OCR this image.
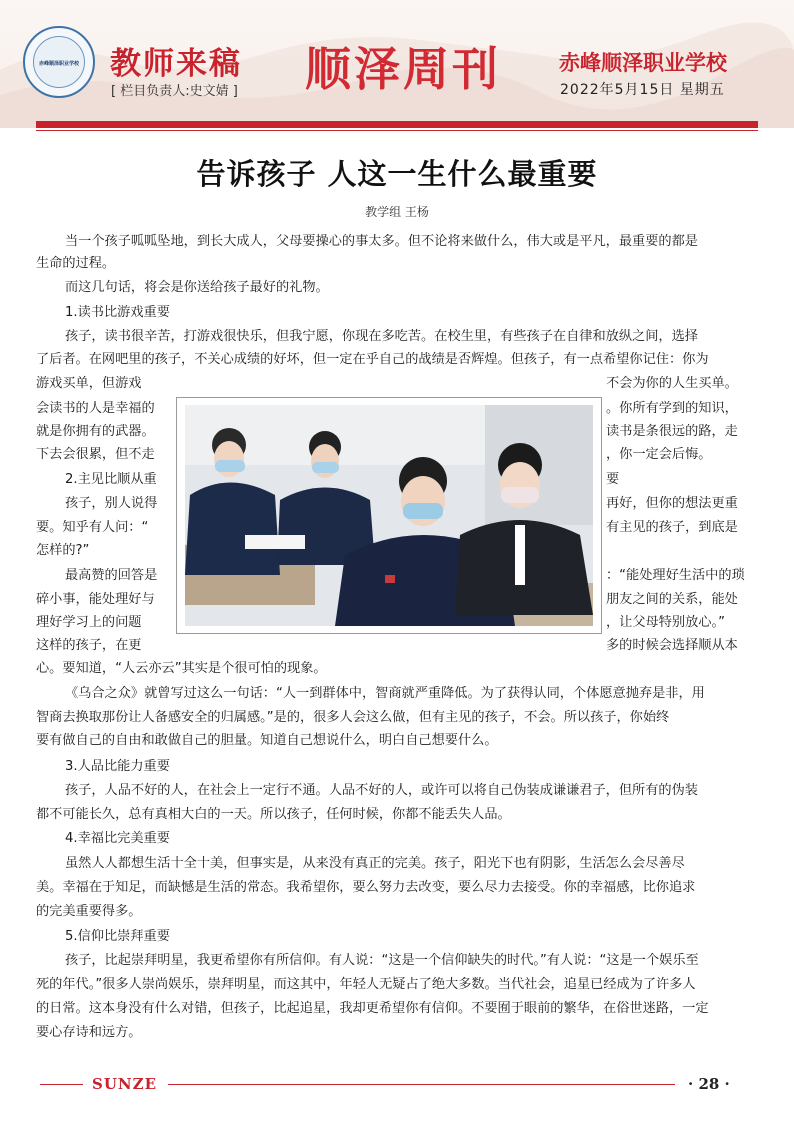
赤峰顺泽职业学校	教师来稿
[ 栏目负责人:史文婧 ] 顺泽周刊	赤峰顺泽职业学校
2022年5月15日 星期五
告诉孩子 人这一生什么最重要
教学组 王杨
当一个孩子呱呱坠地，到长大成人，父母要操心的事太多。但不论将来做什么，伟大或是平凡，最重要的都是
生命的过程。
而这几句话，将会是你送给孩子最好的礼物。
1.读书比游戏重要
孩子，读书很辛苦，打游戏很快乐，但我宁愿，你现在多吃苦。在校生里，有些孩子在自律和放纵之间，选择
了后者。在网吧里的孩子，不关心成绩的好坏，但一定在乎自己的战绩是否辉煌。但孩子，有一点希望你记住：你为
游戏买单，但游戏	不会为你的人生买单。
会读书的人是幸福的	。你所有学到的知识，
就是你拥有的武器。	读书是条很远的路，走
下去会很累，但不走	，你一定会后悔。
2.主见比顺从重	要
孩子，别人说得	再好，但你的想法更重
要。知乎有人问：“	有主见的孩子，到底是
怎样的?”
最高赞的回答是	：“能处理好生活中的琐
碎小事，能处理好与	朋友之间的关系，能处
理好学习上的问题	，让父母特别放心。”
这样的孩子，在更	多的时候会选择顺从本
心。要知道，“人云亦云”其实是个很可怕的现象。
《乌合之众》就曾写过这么一句话：“人一到群体中，智商就严重降低。为了获得认同，个体愿意抛弃是非，用
智商去换取那份让人备感安全的归属感。”是的，很多人会这么做，但有主见的孩子，不会。所以孩子，你始终
要有做自己的自由和敢做自己的胆量。知道自己想说什么，明白自己想要什么。
3.人品比能力重要
孩子，人品不好的人，在社会上一定行不通。人品不好的人，或许可以将自己伪装成谦谦君子，但所有的伪装
都不可能长久，总有真相大白的一天。所以孩子，任何时候，你都不能丢失人品。
4.幸福比完美重要
虽然人人都想生活十全十美，但事实是，从来没有真正的完美。孩子，阳光下也有阴影，生活怎么会尽善尽
美。幸福在于知足，而缺憾是生活的常态。我希望你，要么努力去改变，要么尽力去接受。你的幸福感，比你追求
的完美重要得多。
5.信仰比崇拜重要
孩子，比起崇拜明星，我更希望你有所信仰。有人说：“这是一个信仰缺失的时代。”有人说：“这是一个娱乐至
死的年代。”很多人崇尚娱乐，崇拜明星，而这其中，年轻人无疑占了绝大多数。当代社会，追星已经成为了许多人
的日常。这本身没有什么对错，但孩子，比起追星，我却更希望你有信仰。不要囿于眼前的繁华，在俗世迷路，一定
要心存诗和远方。
SUNZE	· 28 ·
